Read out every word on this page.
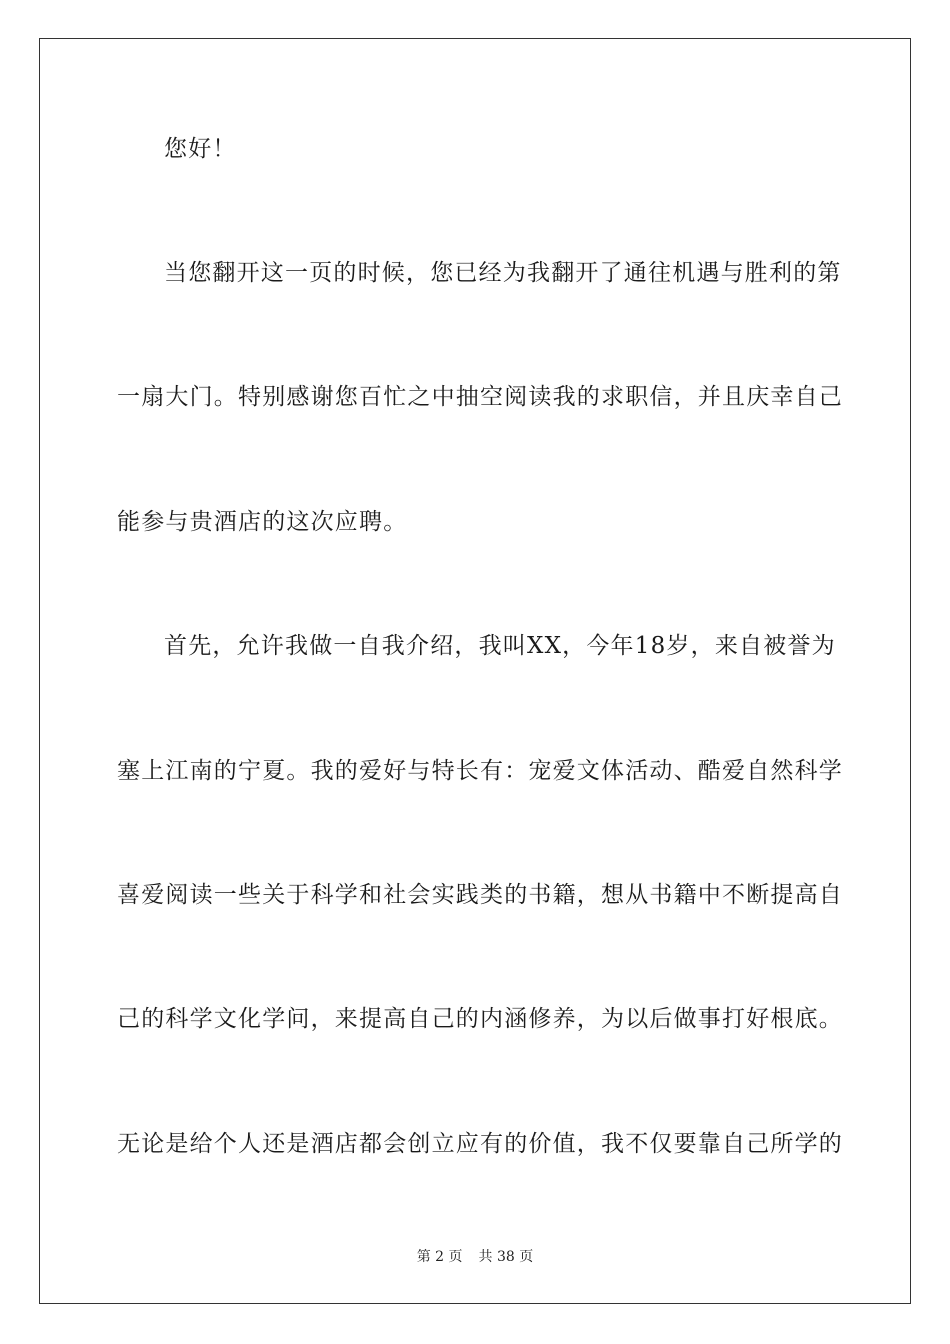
您好！
当您翻开这一页的时候，您已经为我翻开了通往机遇与胜利的第
一扇大门。特别感谢您百忙之中抽空阅读我的求职信，并且庆幸自己
能参与贵酒店的这次应聘。
首先，允许我做一自我介绍，我叫XX，今年18岁，来自被誉为
塞上江南的宁夏。我的爱好与特长有：宠爱文体活动、酷爱自然科学
喜爱阅读一些关于科学和社会实践类的书籍，想从书籍中不断提高自
己的科学文化学问，来提高自己的内涵修养，为以后做事打好根底。
无论是给个人还是酒店都会创立应有的价值，我不仅要靠自己所学的
第 2 页 共 38 页
